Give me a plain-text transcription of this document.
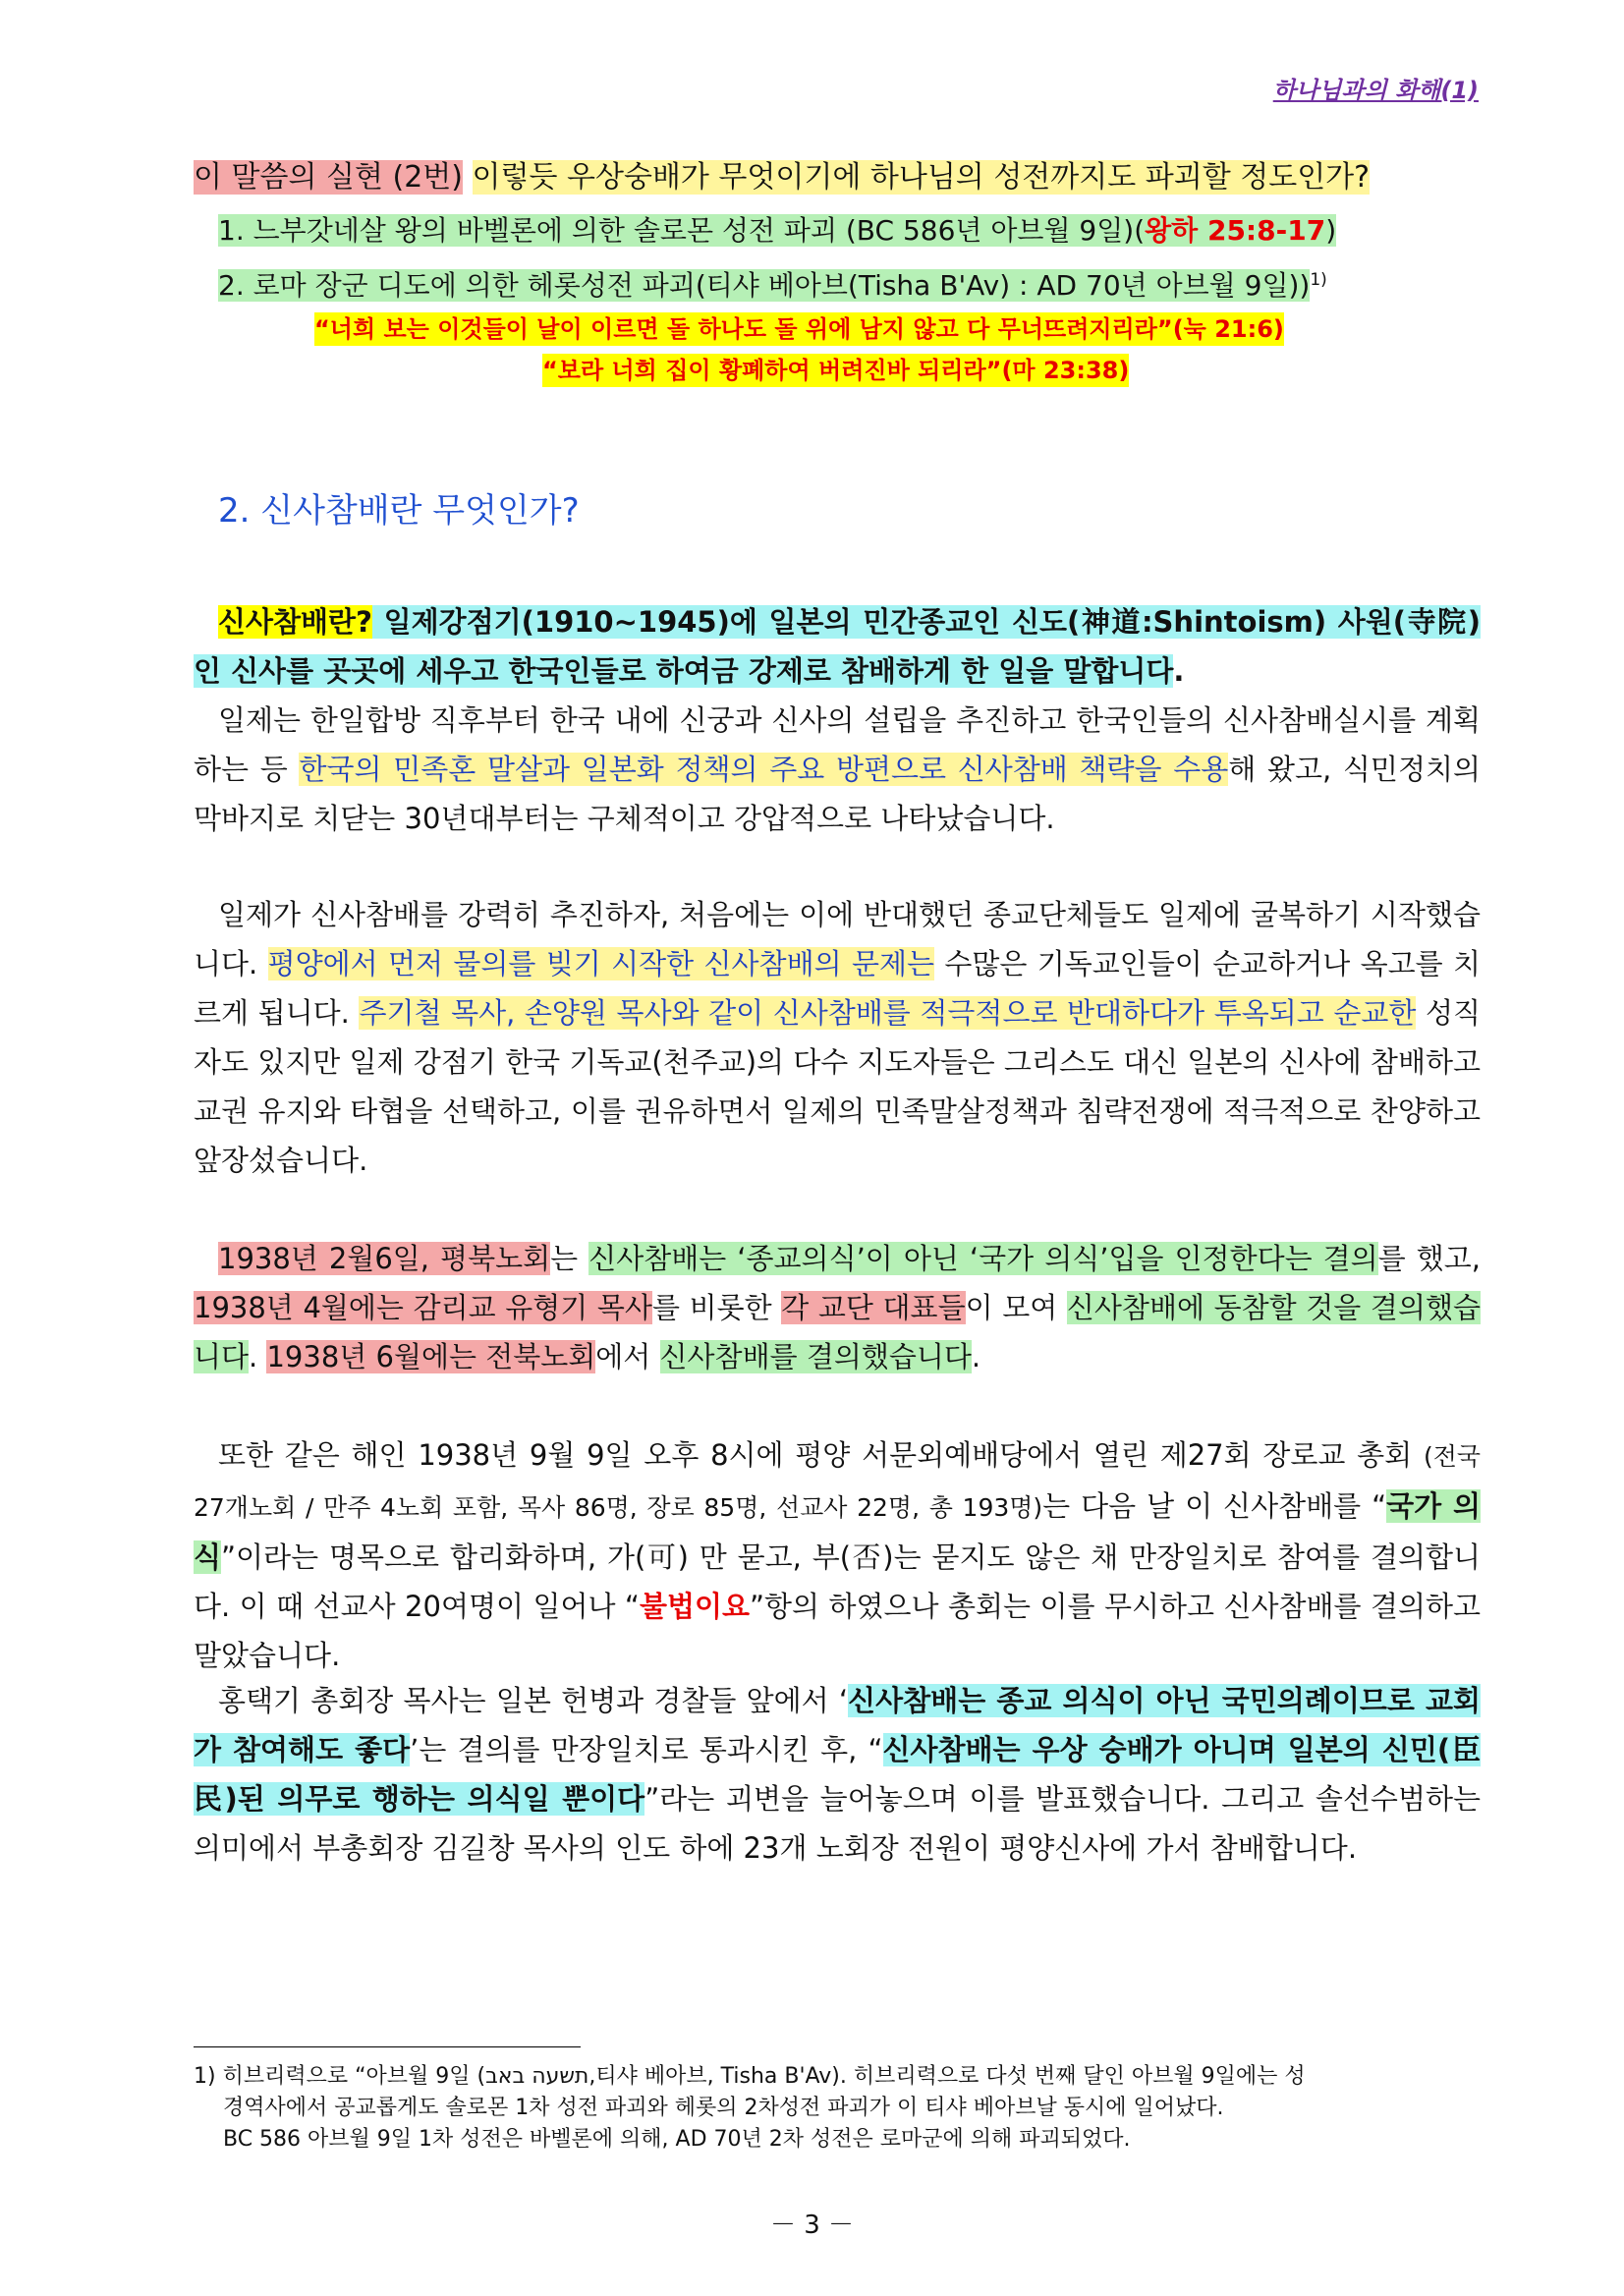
하나님과의 화해(1)
이 말씀의 실현 (2번) 이렇듯 우상숭배가 무엇이기에 하나님의 성전까지도 파괴할 정도인가?
1. 느부갓네살 왕의 바벨론에 의한 솔로몬 성전 파괴 (BC 586년 아브월 9일)(왕하 25:8-17)
2. 로마 장군 디도에 의한 헤롯성전 파괴(티샤 베아브(Tisha B'Av) : AD 70년 아브월 9일))$^{1)}$
“너희 보는 이것들이 날이 이르면 돌 하나도 돌 위에 남지 않고 다 무너뜨려지리라”(눅 21:6)
“보라 너희 집이 황폐하여 버려진바 되리라”(마 23:38)
2. 신사참배란 무엇인가?
신사참배란? 일제강점기(1910~1945)에 일본의 민간종교인 신도(神道:Shintoism) 사원(寺院)인 신사를 곳곳에 세우고 한국인들로 하여금 강제로 참배하게 한 일을 말합니다.
일제는 한일합방 직후부터 한국 내에 신궁과 신사의 설립을 추진하고 한국인들의 신사참배실시를 계획하는 등 한국의 민족혼 말살과 일본화 정책의 주요 방편으로 신사참배 책략을 수용해 왔고, 식민정치의 막바지로 치닫는 30년대부터는 구체적이고 강압적으로 나타났습니다.
일제가 신사참배를 강력히 추진하자, 처음에는 이에 반대했던 종교단체들도 일제에 굴복하기 시작했습니다. 평양에서 먼저 물의를 빚기 시작한 신사참배의 문제는 수많은 기독교인들이 순교하거나 옥고를 치르게 됩니다. 주기철 목사, 손양원 목사와 같이 신사참배를 적극적으로 반대하다가 투옥되고 순교한 성직자도 있지만 일제 강점기 한국 기독교(천주교)의 다수 지도자들은 그리스도 대신 일본의 신사에 참배하고 교권 유지와 타협을 선택하고, 이를 권유하면서 일제의 민족말살정책과 침략전쟁에 적극적으로 찬양하고 앞장섰습니다.
1938년 2월6일, 평북노회는 신사참배는 ‘종교의식’이 아닌 ‘국가 의식’입을 인정한다는 결의를 했고, 1938년 4월에는 감리교 유형기 목사를 비롯한 각 교단 대표들이 모여 신사참배에 동참할 것을 결의했습니다. 1938년 6월에는 전북노회에서 신사참배를 결의했습니다.
또한 같은 해인 1938년 9월 9일 오후 8시에 평양 서문외예배당에서 열린 제27회 장로교 총회 (전국 27개노회 / 만주 4노회 포함, 목사 86명, 장로 85명, 선교사 22명, 총 193명)는 다음 날 이 신사참배를 “국가 의식”이라는 명목으로 합리화하며, 가(可) 만 묻고, 부(否)는 묻지도 않은 채 만장일치로 참여를 결의합니다. 이 때 선교사 20여명이 일어나 “불법이요”항의 하였으나 총회는 이를 무시하고 신사참배를 결의하고 말았습니다.
홍택기 총회장 목사는 일본 헌병과 경찰들 앞에서 ‘신사참배는 종교 의식이 아닌 국민의례이므로 교회가 참여해도 좋다’는 결의를 만장일치로 통과시킨 후, “신사참배는 우상 숭배가 아니며 일본의 신민(臣民)된 의무로 행하는 의식일 뿐이다”라는 괴변을 늘어놓으며 이를 발표했습니다. 그리고 솔선수범하는 의미에서 부총회장 김길창 목사의 인도 하에 23개 노회장 전원이 평양신사에 가서 참배합니다.
1) 히브리력으로 “아브월 9일 (תשעה באב,티샤 베아브, Tisha B'Av). 히브리력으로 다섯 번째 달인 아브월 9일에는 성
경역사에서 공교롭게도 솔로몬 1차 성전 파괴와 헤롯의 2차성전 파괴가 이 티샤 베아브날 동시에 일어났다.
BC 586 아브월 9일 1차 성전은 바벨론에 의해, AD 70년 2차 성전은 로마군에 의해 파괴되었다.
－ 3 －
